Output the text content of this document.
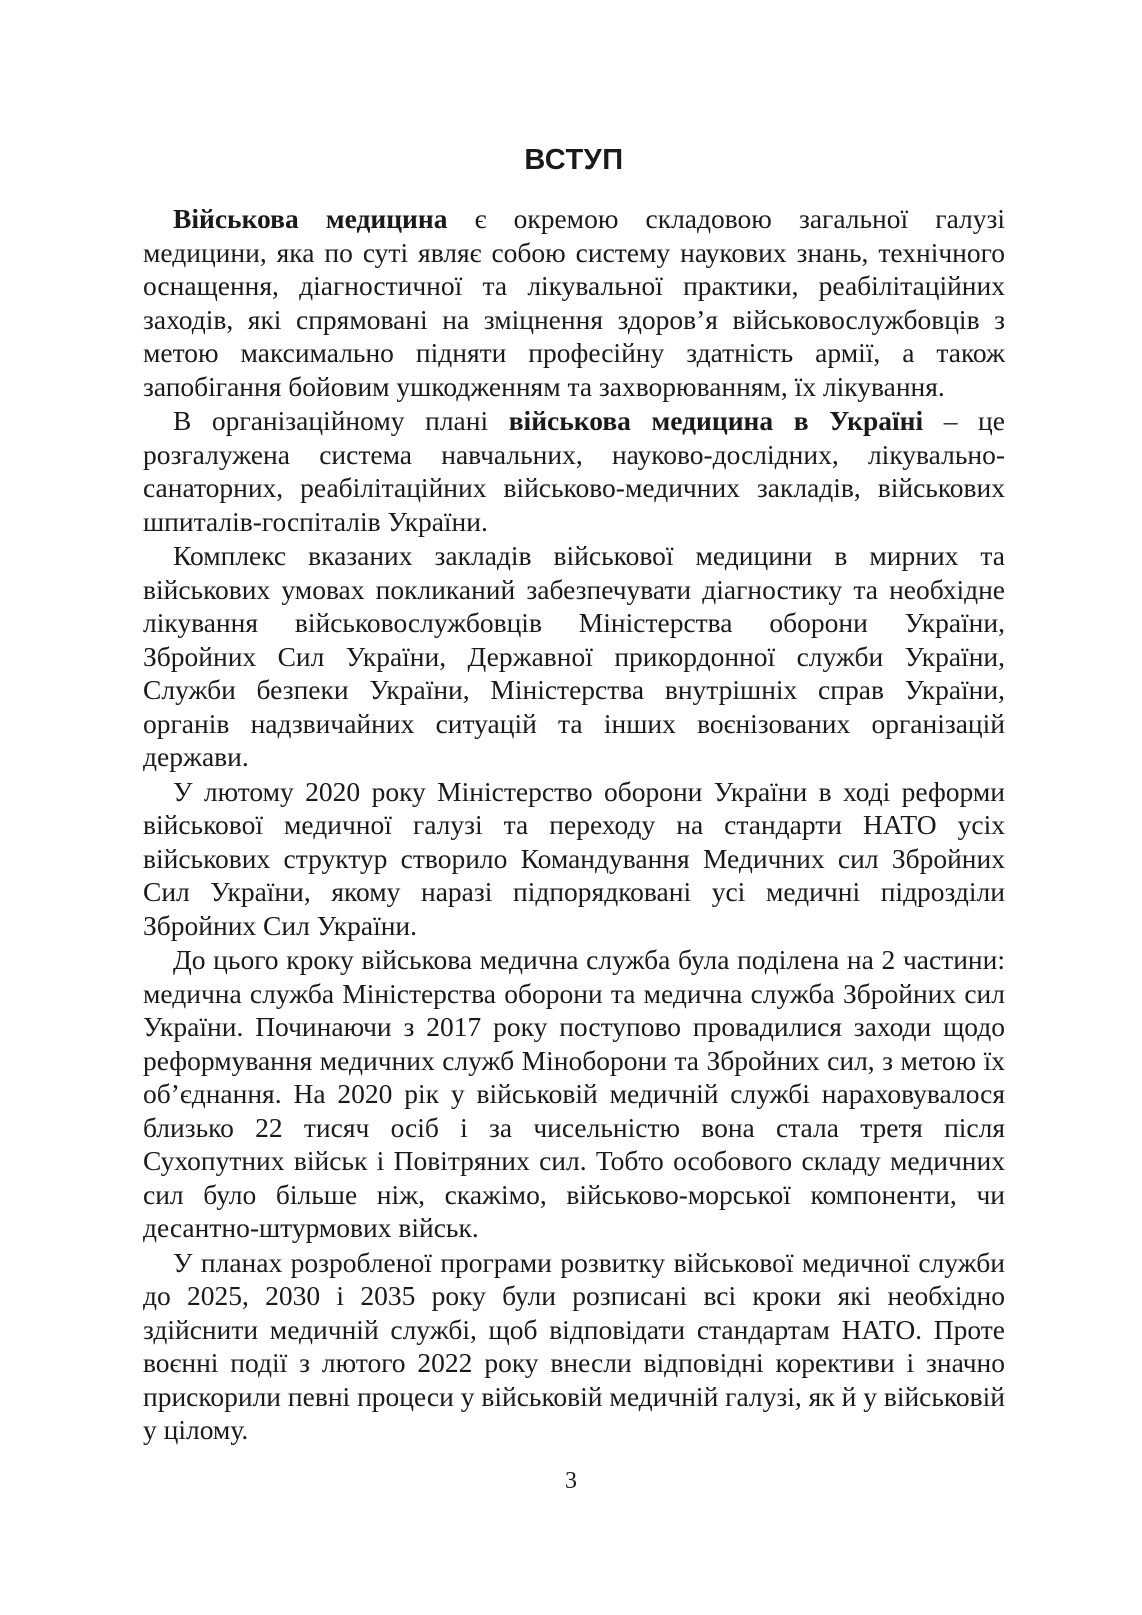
ВСТУП

Військова медицина є окремою складовою загальної галузі медицини, яка по суті являє собою систему наукових знань, технічного оснащення, діагностичної та лікувальної практики, реабілітаційних заходів, які спрямовані на зміцнення здоров’я військовослужбовців з метою максимально підняти професійну здатність армії, а також запобігання бойовим ушкодженням та захворюванням, їх лікування.

В організаційному плані військова медицина в Україні – це розгалужена система навчальних, науково-дослідних, лікувально-санаторних, реабілітаційних військово-медичних закладів, військових шпиталів-госпіталів України.

Комплекс вказаних закладів військової медицини в мирних та військових умовах покликаний забезпечувати діагностику та необхідне лікування військовослужбовців Міністерства оборони України, Збройних Сил України, Державної прикордонної служби України, Служби безпеки України, Міністерства внутрішніх справ України, органів надзвичайних ситуацій та інших воєнізованих організацій держави.

У лютому 2020 року Міністерство оборони України в ході реформи військової медичної галузі та переходу на стандарти НАТО усіх військових структур створило Командування Медичних сил Збройних Сил України, якому наразі підпорядковані усі медичні підрозділи Збройних Сил України.

До цього кроку військова медична служба була поділена на 2 частини: медична служба Міністерства оборони та медична служба Збройних сил України. Починаючи з 2017 року поступово провадилися заходи щодо реформування медичних служб Міноборони та Збройних сил, з метою їх об’єднання. На 2020 рік у військовій медичній службі нараховувалося близько 22 тисяч осіб і за чисельністю вона стала третя після Сухопутних військ і Повітряних сил. Тобто особового складу медичних сил було більше ніж, скажімо, військово-морської компоненти, чи десантно-штурмових військ.

У планах розробленої програми розвитку військової медичної служби до 2025, 2030 і 2035 року були розписані всі кроки які необхідно здійснити медичній службі, щоб відповідати стандартам НАТО. Проте воєнні події з лютого 2022 року внесли відповідні корективи і значно прискорили певні процеси у військовій медичній галузі, як й у військовій у цілому.

3
